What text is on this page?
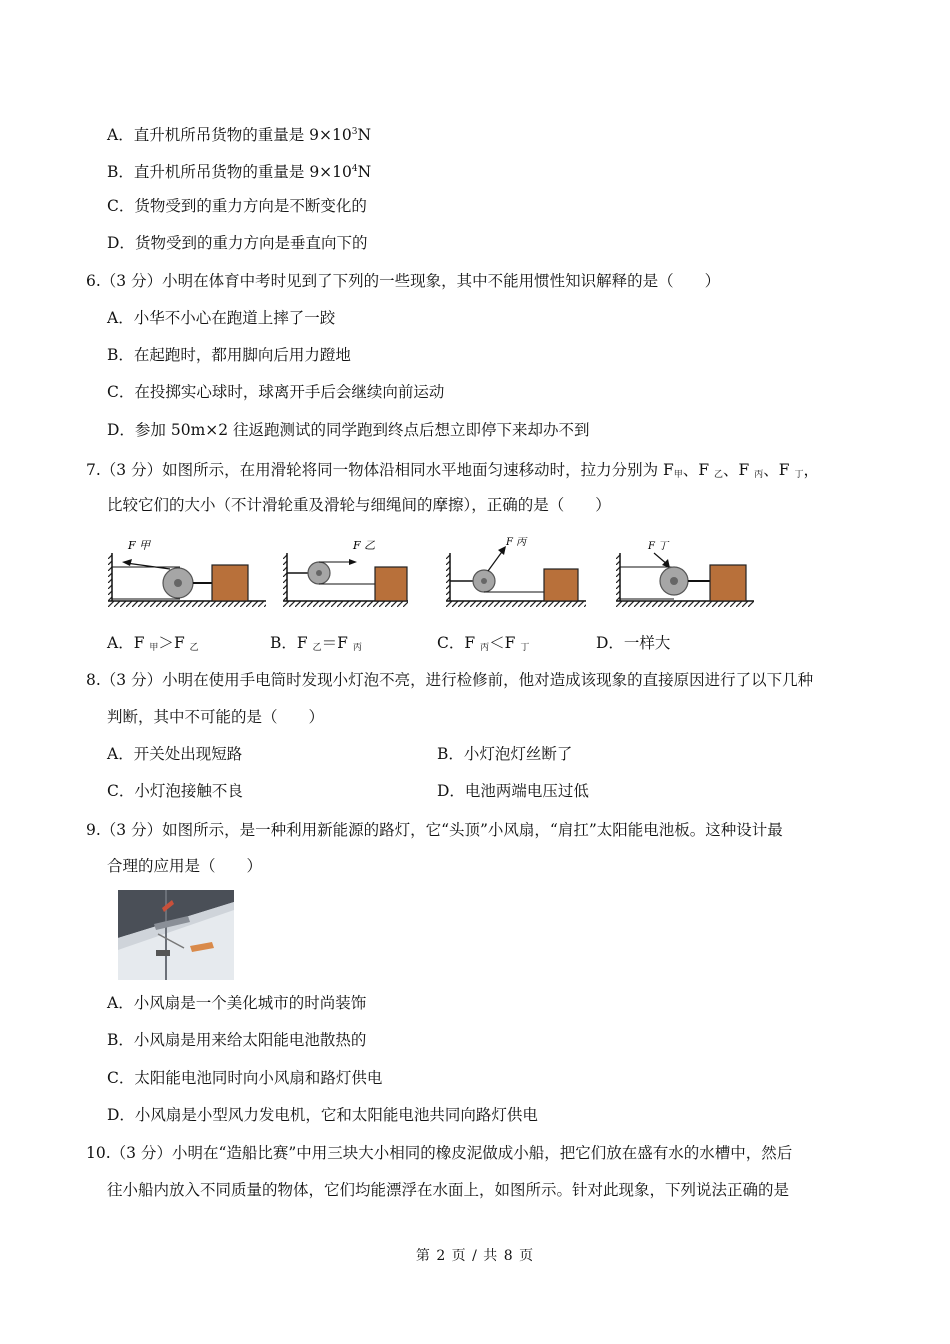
A．直升机所吊货物的重量是 $9\times 10^3N$
B．直升机所吊货物的重量是 $9\times 10^4N$
C．货物受到的重力方向是不断变化的
D．货物受到的重力方向是垂直向下的
6.（3 分）小明在体育中考时见到了下列的一些现象，其中不能用惯性知识解释的是（　　）
A．小华不小心在跑道上摔了一跤
B．在起跑时，都用脚向后用力蹬地
C．在投掷实心球时，球离开手后会继续向前运动
D．参加 50m×2 往返跑测试的同学跑到终点后想立即停下来却办不到
7.（3 分）如图所示，在用滑轮将同一物体沿相同水平地面匀速移动时，拉力分别为 $F_甲$、F $_乙$、F $_丙$、F $_丁$，
比较它们的大小（不计滑轮重及滑轮与细绳间的摩擦），正确的是（　　）
F 甲	F 乙	F 丙	F 丁
A．F $_甲$＞F $_乙$	B．F $_乙$＝F $_丙$	C．F $_丙$＜F $_丁$	D．一样大
8.（3 分）小明在使用手电筒时发现小灯泡不亮，进行检修前，他对造成该现象的直接原因进行了以下几种
判断，其中不可能的是（　　）
A．开关处出现短路	B．小灯泡灯丝断了
C．小灯泡接触不良	D．电池两端电压过低
9.（3 分）如图所示，是一种利用新能源的路灯，它“头顶”小风扇，“肩扛”太阳能电池板。这种设计最
合理的应用是（　　）
A．小风扇是一个美化城市的时尚装饰
B．小风扇是用来给太阳能电池散热的
C．太阳能电池同时向小风扇和路灯供电
D．小风扇是小型风力发电机，它和太阳能电池共同向路灯供电
10.（3 分）小明在“造船比赛”中用三块大小相同的橡皮泥做成小船，把它们放在盛有水的水槽中，然后
往小船内放入不同质量的物体，它们均能漂浮在水面上，如图所示。针对此现象，下列说法正确的是
第 2 页 / 共 8 页
